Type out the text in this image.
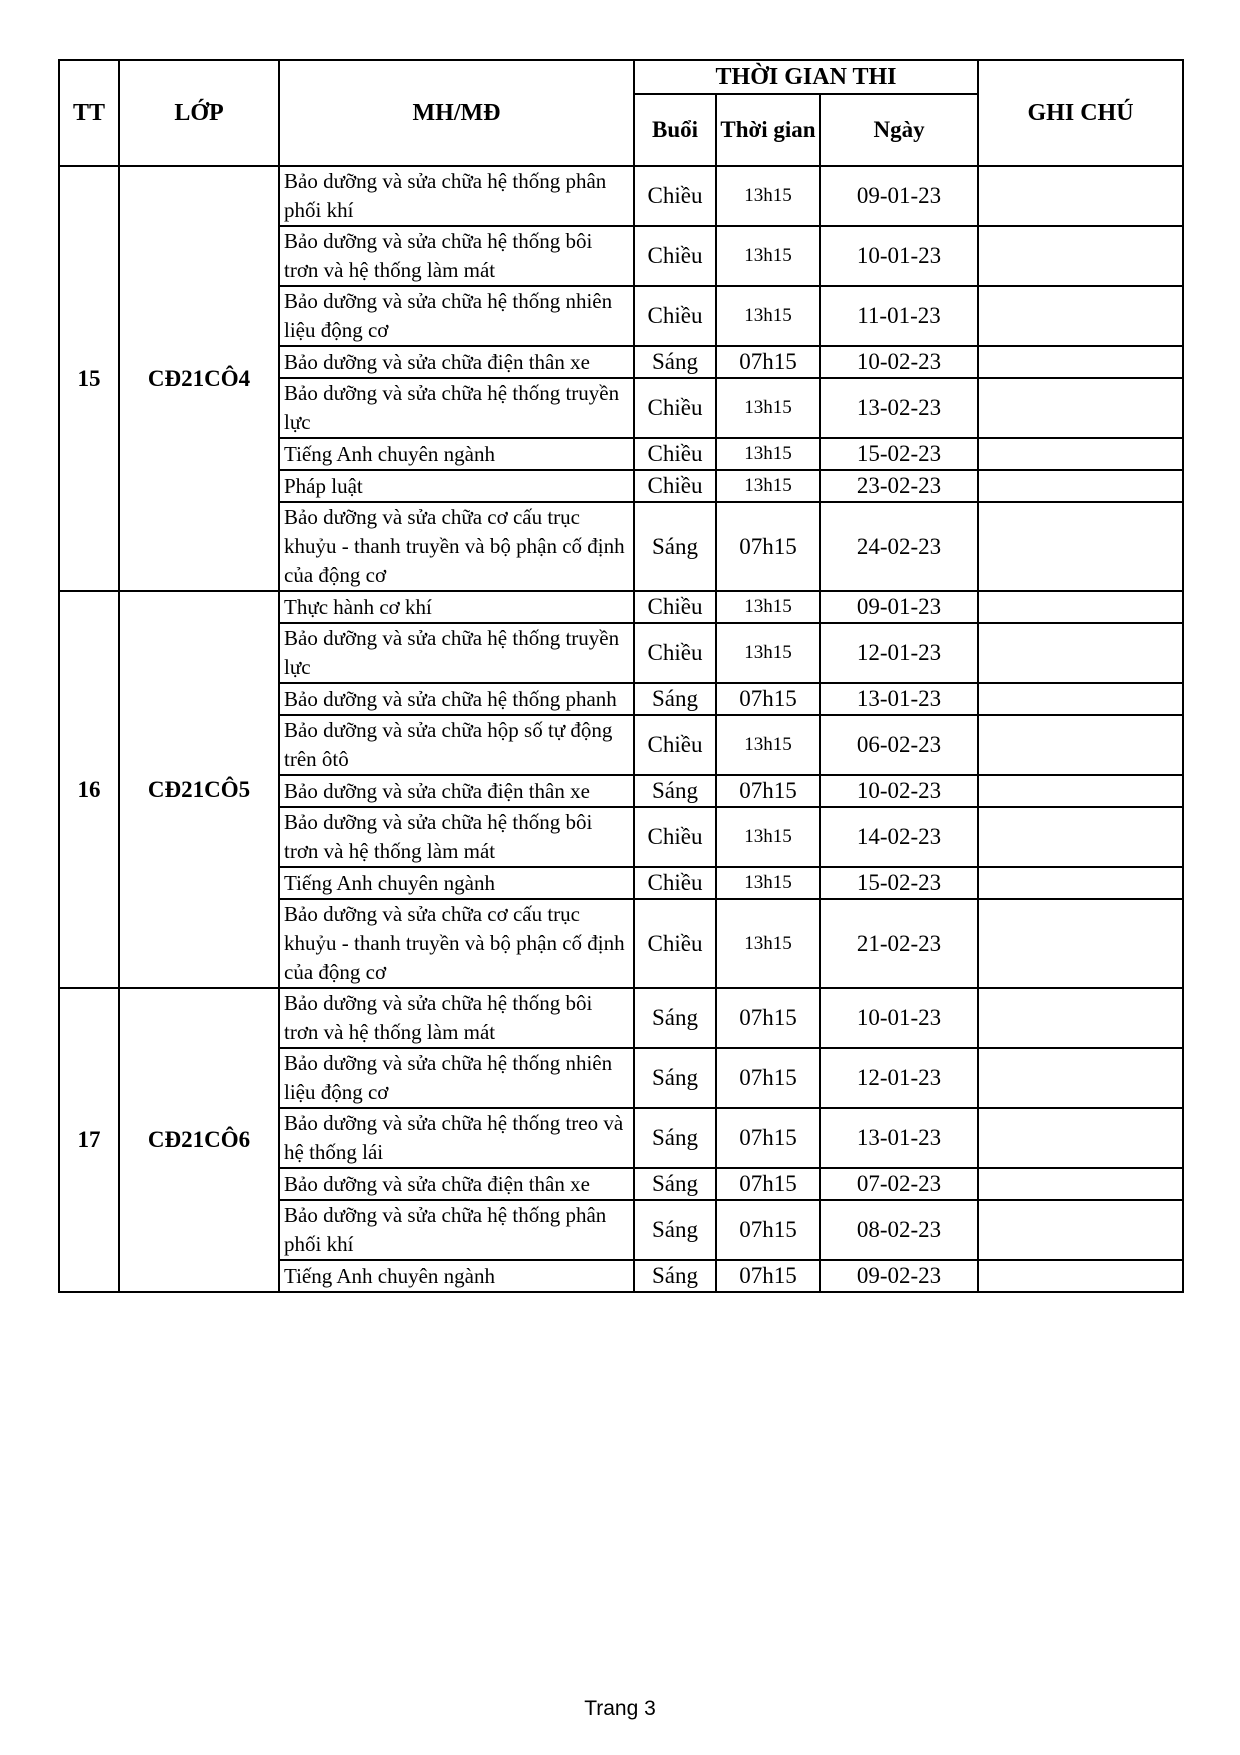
TT	LỚP	MH/MĐ	THỜI GIAN THI			GHI CHÚ
			Buổi	Thời gian	Ngày	
15	CĐ21CÔ4	Bảo dưỡng và sửa chữa hệ thống phân phối khí	Chiều	13h15	09-01-23	
		Bảo dưỡng và sửa chữa hệ thống bôi trơn và hệ thống làm mát	Chiều	13h15	10-01-23	
		Bảo dưỡng và sửa chữa hệ thống nhiên liệu động cơ	Chiều	13h15	11-01-23	
		Bảo dưỡng và sửa chữa điện thân xe	Sáng	07h15	10-02-23	
		Bảo dưỡng và sửa chữa hệ thống truyền lực	Chiều	13h15	13-02-23	
		Tiếng Anh chuyên ngành	Chiều	13h15	15-02-23	
		Pháp luật	Chiều	13h15	23-02-23	
		Bảo dưỡng và sửa chữa cơ cấu trục khuỷu - thanh truyền và bộ phận cố định của động cơ	Sáng	07h15	24-02-23	
16	CĐ21CÔ5	Thực hành cơ khí	Chiều	13h15	09-01-23	
		Bảo dưỡng và sửa chữa hệ thống truyền lực	Chiều	13h15	12-01-23	
		Bảo dưỡng và sửa chữa hệ thống phanh	Sáng	07h15	13-01-23	
		Bảo dưỡng và sửa chữa hộp số tự động trên ôtô	Chiều	13h15	06-02-23	
		Bảo dưỡng và sửa chữa điện thân xe	Sáng	07h15	10-02-23	
		Bảo dưỡng và sửa chữa hệ thống bôi trơn và hệ thống làm mát	Chiều	13h15	14-02-23	
		Tiếng Anh chuyên ngành	Chiều	13h15	15-02-23	
		Bảo dưỡng và sửa chữa cơ cấu trục khuỷu - thanh truyền và bộ phận cố định của động cơ	Chiều	13h15	21-02-23	
17	CĐ21CÔ6	Bảo dưỡng và sửa chữa hệ thống bôi trơn và hệ thống làm mát	Sáng	07h15	10-01-23	
		Bảo dưỡng và sửa chữa hệ thống nhiên liệu động cơ	Sáng	07h15	12-01-23	
		Bảo dưỡng và sửa chữa hệ thống treo và hệ thống lái	Sáng	07h15	13-01-23	
		Bảo dưỡng và sửa chữa điện thân xe	Sáng	07h15	07-02-23	
		Bảo dưỡng và sửa chữa hệ thống phân phối khí	Sáng	07h15	08-02-23	
		Tiếng Anh chuyên ngành	Sáng	07h15	09-02-23	
Trang 3
